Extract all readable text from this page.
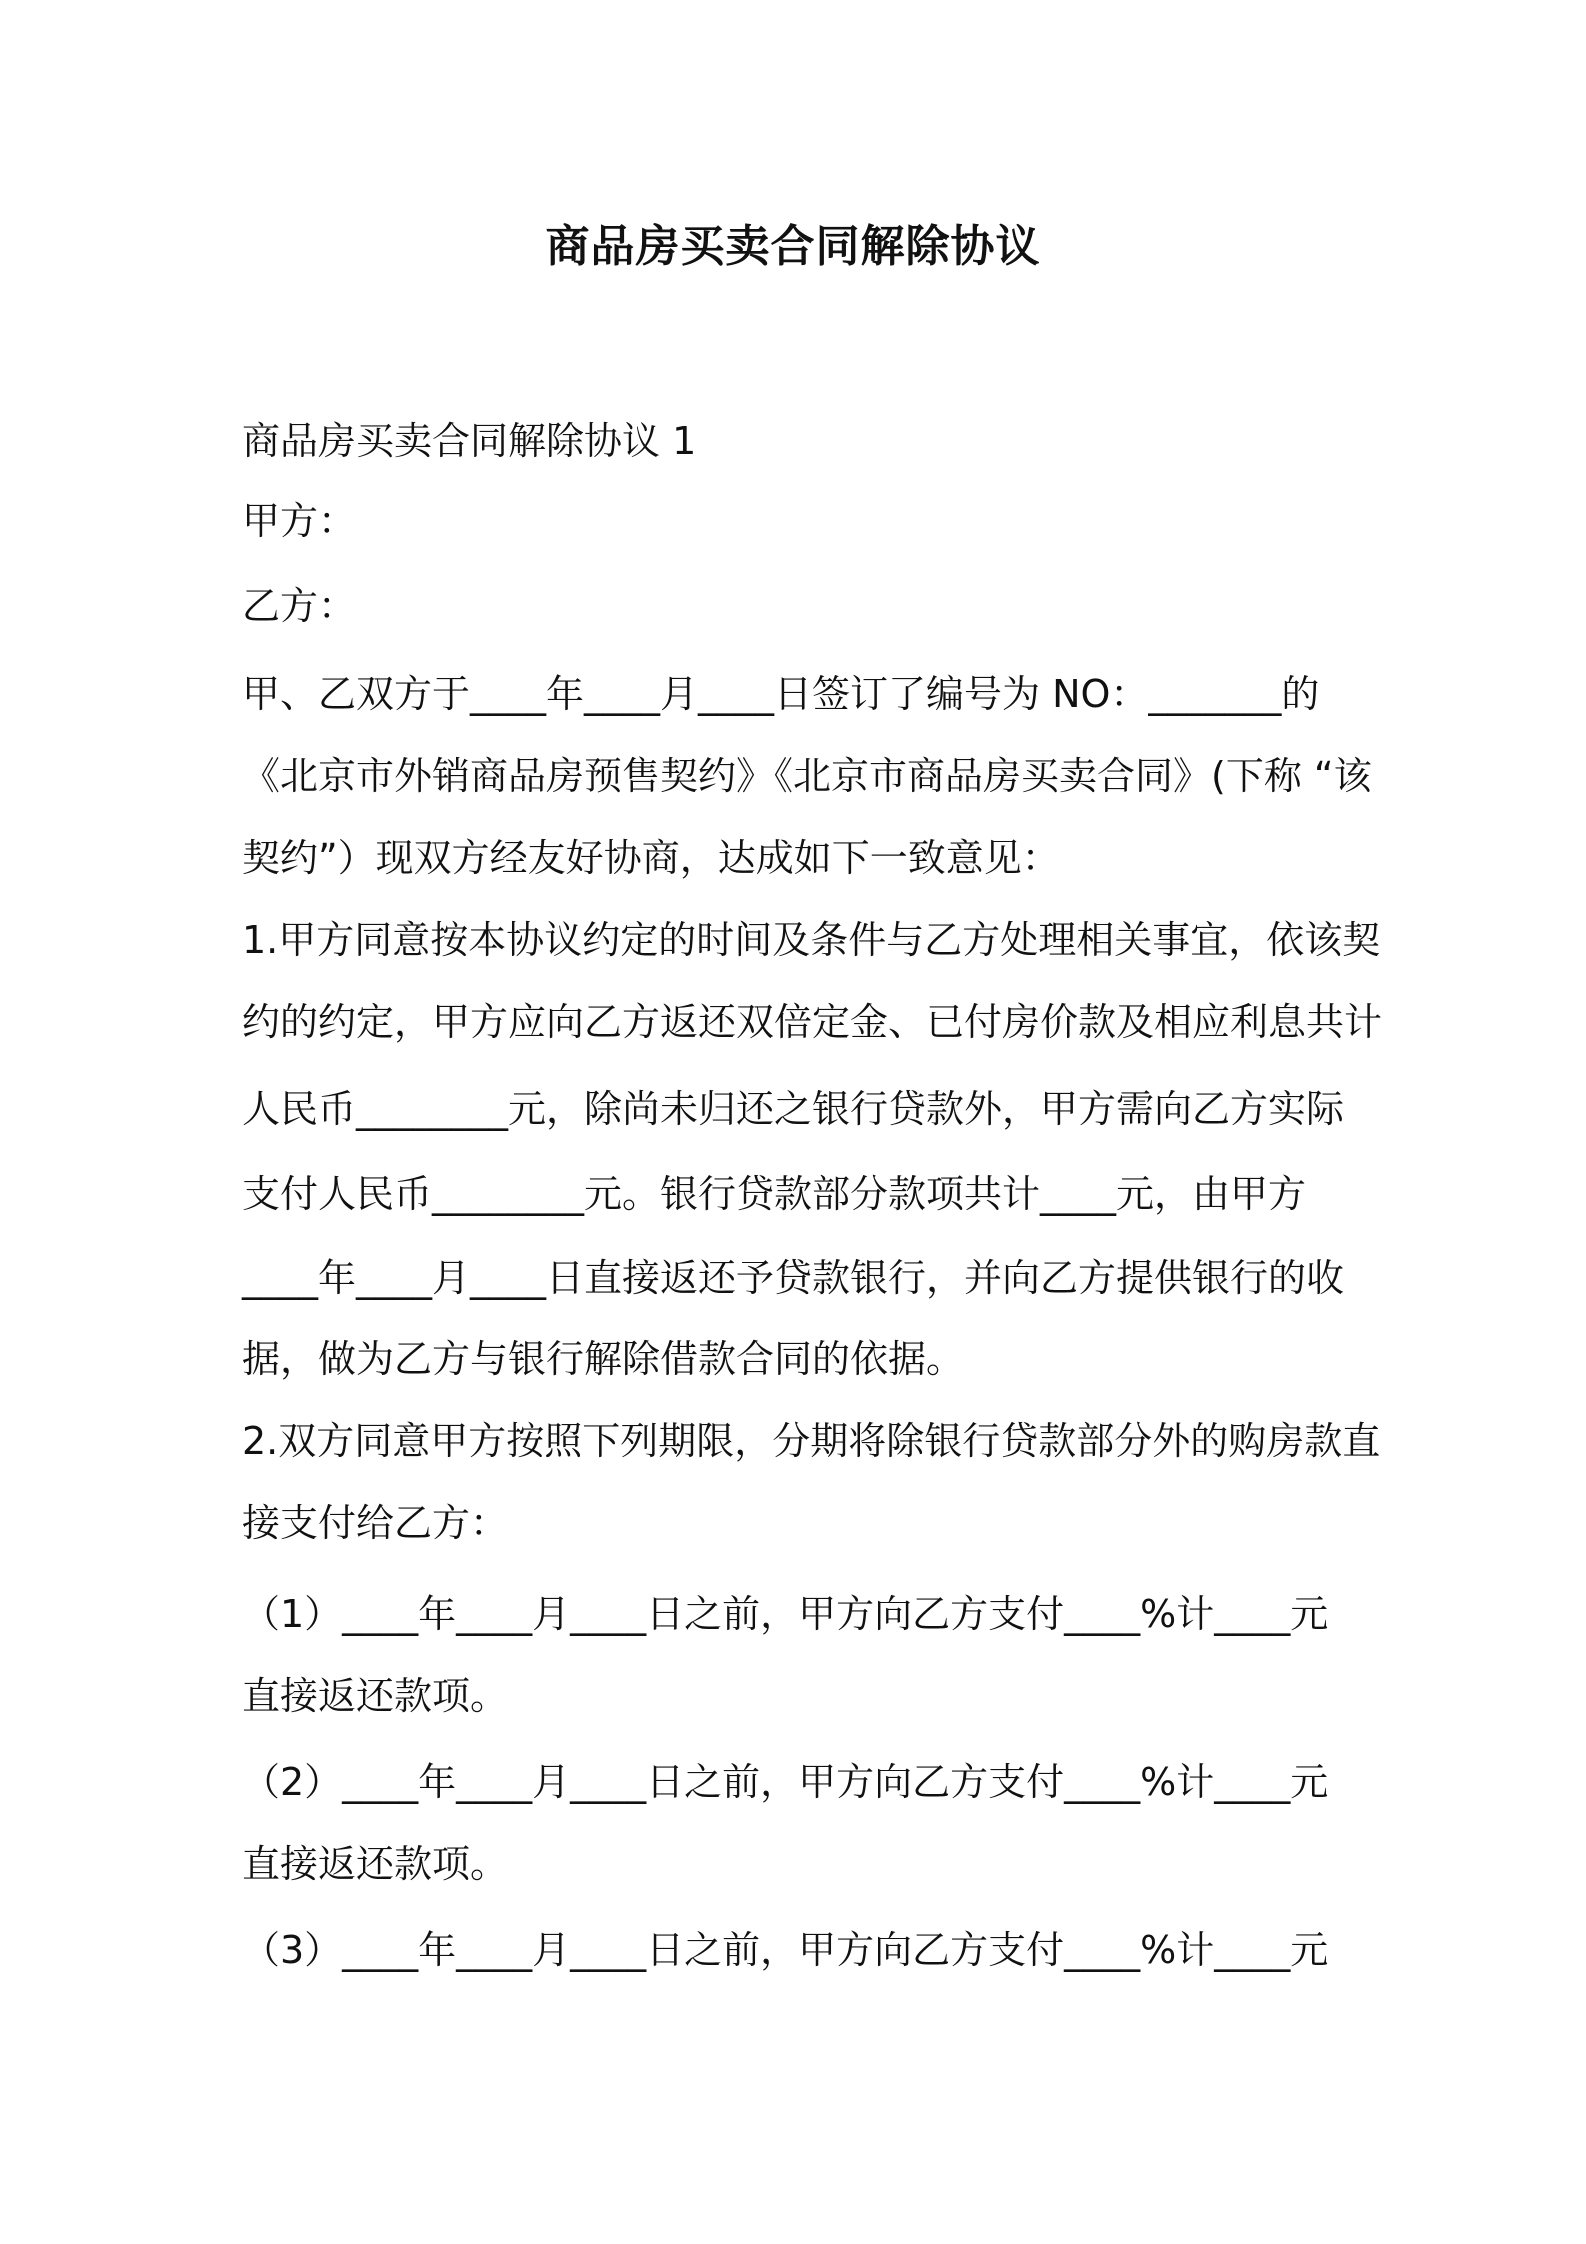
商品房买卖合同解除协议

商品房买卖合同解除协议 1

甲方：

乙方：

甲、乙双方于____年____月____日签订了编号为 NO：_______的

《北京市外销商品房预售契约》《北京市商品房买卖合同》(下称 “该

契约”）现双方经友好协商，达成如下一致意见：

1.甲方同意按本协议约定的时间及条件与乙方处理相关事宜，依该契

约的约定，甲方应向乙方返还双倍定金、已付房价款及相应利息共计

人民币________元，除尚未归还之银行贷款外，甲方需向乙方实际

支付人民币________元。银行贷款部分款项共计____元，由甲方

____年____月____日直接返还予贷款银行，并向乙方提供银行的收

据，做为乙方与银行解除借款合同的依据。

2.双方同意甲方按照下列期限，分期将除银行贷款部分外的购房款直

接支付给乙方：

（1）____年____月____日之前，甲方向乙方支付____%计____元

直接返还款项。

（2）____年____月____日之前，甲方向乙方支付____%计____元

直接返还款项。

（3）____年____月____日之前，甲方向乙方支付____%计____元
